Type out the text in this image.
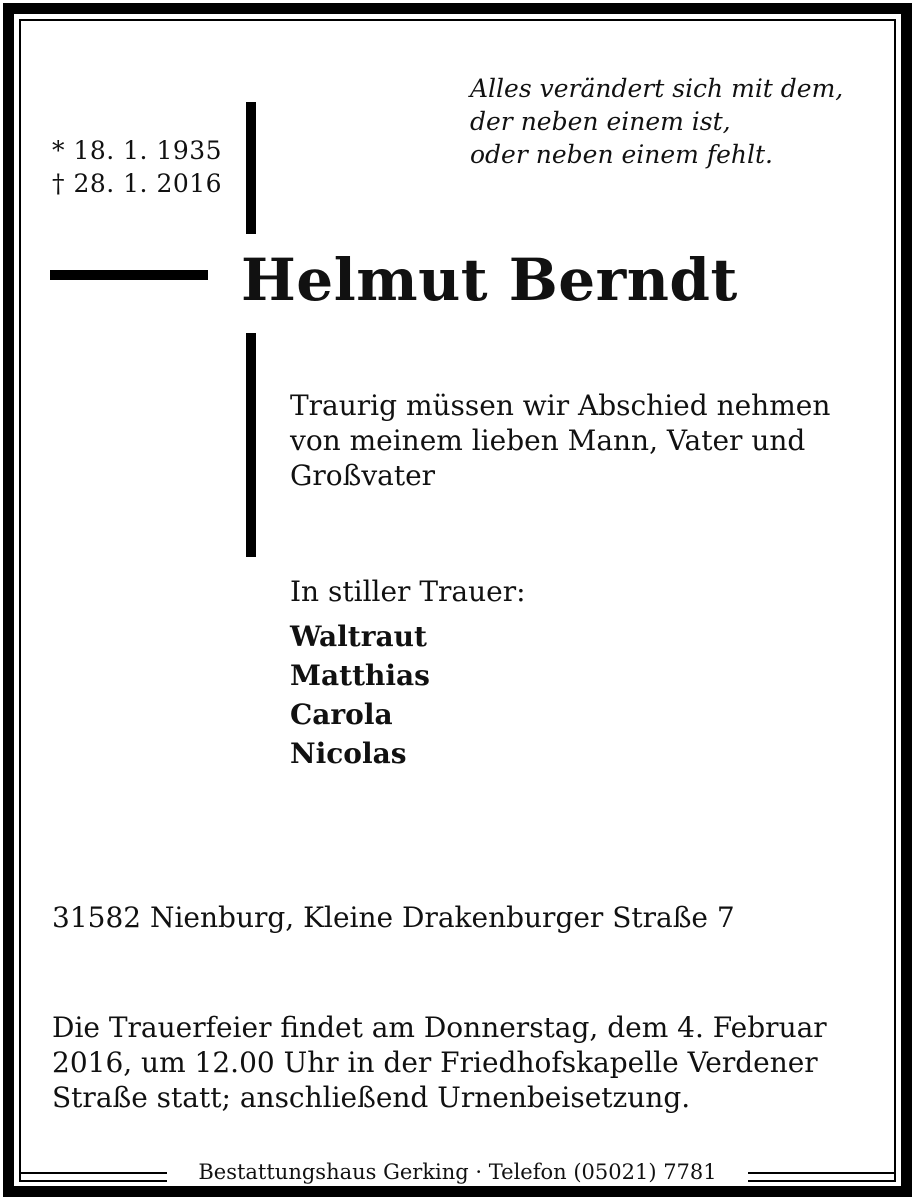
* 18. 1. 1935
† 28. 1. 2016
Alles verändert sich mit dem,
der neben einem ist,
oder neben einem fehlt.
Helmut Berndt
Traurig müssen wir Abschied nehmen
von meinem lieben Mann, Vater und
Großvater
In stiller Trauer:
Waltraut
Matthias
Carola
Nicolas
31582 Nienburg, Kleine Drakenburger Straße 7
Die Trauerfeier findet am Donnerstag, dem 4. Februar
2016, um 12.00 Uhr in der Friedhofskapelle Verdener
Straße statt; anschließend Urnenbeisetzung.
Bestattungshaus Gerking · Telefon (05021) 7781
